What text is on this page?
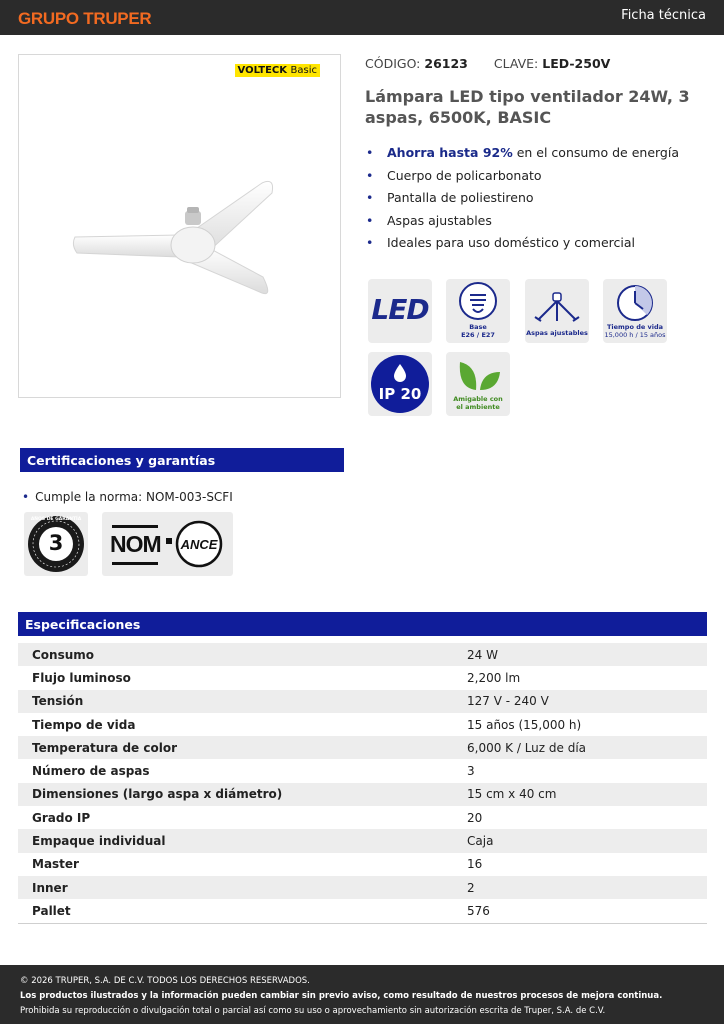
GRUPO TRUPER	Ficha técnica
VOLTECK Basic	CÓDIGO: 26123 CLAVE: LED-250V
Lámpara LED tipo ventilador 24W, 3 aspas, 6500K, BASIC
• Ahorra hasta 92% en el consumo de energía
• Cuerpo de policarbonato
• Pantalla de poliestireno
• Aspas ajustables
• Ideales para uso doméstico y comercial
LED
Base
E26 / E27	Aspas ajustables
Tiempo de vida
15,000 h / 15 años
IP 20	Amigable con
el ambiente
Certificaciones y garantías
• Cumple la norma: NOM-003-SCFI
3
AÑOS DE GARANTÍA
NOM	ANCE
Especificaciones
Consumo	24 W
Flujo luminoso	2,200 lm
Tensión	127 V - 240 V
Tiempo de vida	15 años (15,000 h)
Temperatura de color	6,000 K / Luz de día
Número de aspas	3
Dimensiones (largo aspa x diámetro)	15 cm x 40 cm
Grado IP	20
Empaque individual	Caja
Master	16
Inner	2
Pallet	576
© 2026 TRUPER, S.A. DE C.V. TODOS LOS DERECHOS RESERVADOS.
Los productos ilustrados y la información pueden cambiar sin previo aviso, como resultado de nuestros procesos de mejora continua.
Prohibida su reproducción o divulgación total o parcial así como su uso o aprovechamiento sin autorización escrita de Truper, S.A. de C.V.
